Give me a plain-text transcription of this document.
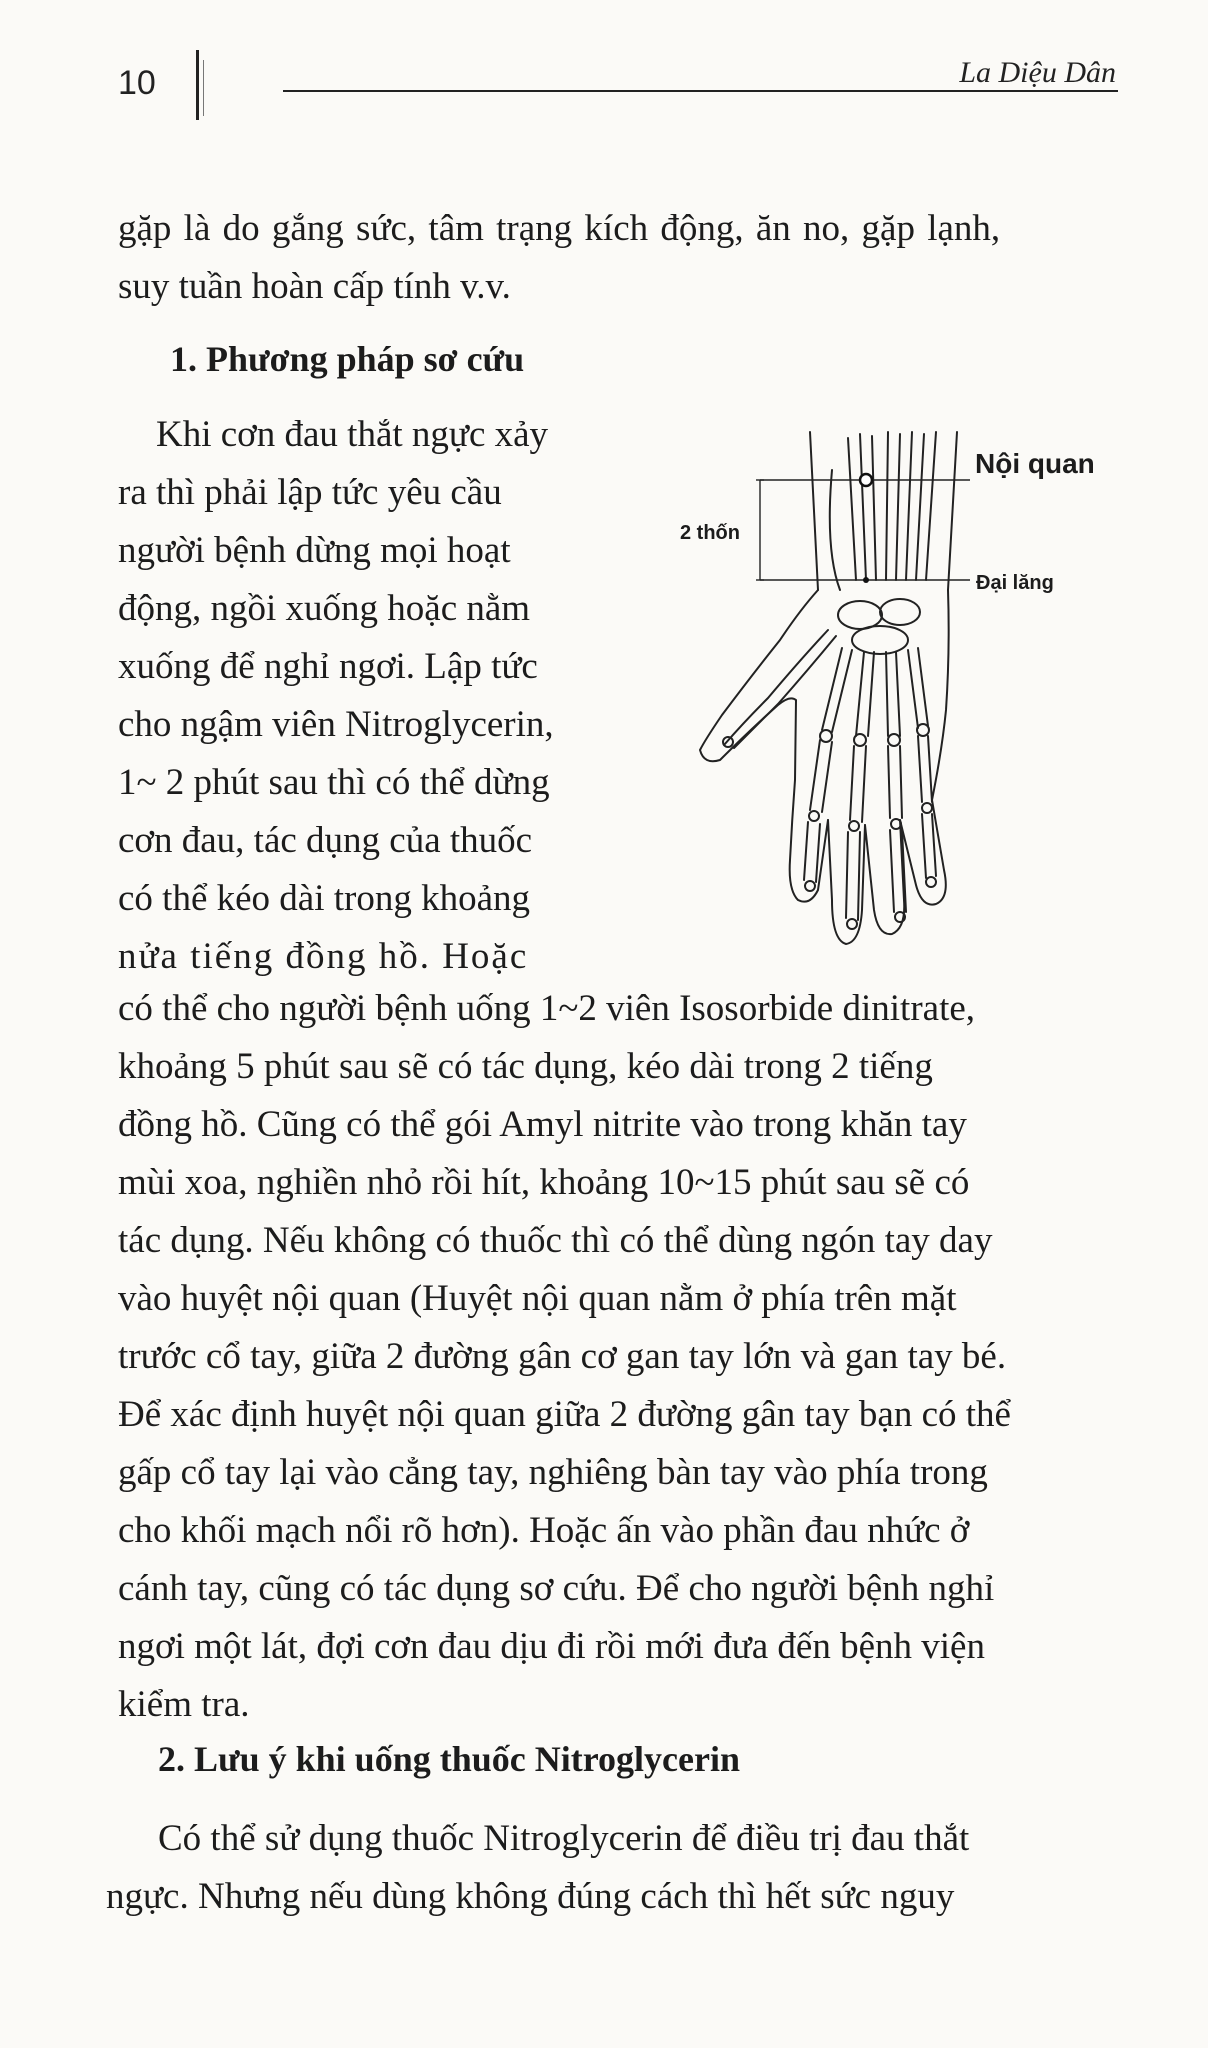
10	La Diệu Dân
gặp là do gắng sức, tâm trạng kích động, ăn no, gặp lạnh,
suy tuần hoàn cấp tính v.v.
1. Phương pháp sơ cứu
Khi cơn đau thắt ngực xảy
ra thì phải lập tức yêu cầu
người bệnh dừng mọi hoạt
động, ngồi xuống hoặc nằm
xuống để nghỉ ngơi. Lập tức
cho ngậm viên Nitroglycerin,
1~ 2 phút sau thì có thể dừng
cơn đau, tác dụng của thuốc
có thể kéo dài trong khoảng
nửa tiếng đồng hồ. Hoặc
Nội quan
Đại lăng
2 thốn
có thể cho người bệnh uống 1~2 viên Isosorbide dinitrate,
khoảng 5 phút sau sẽ có tác dụng, kéo dài trong 2 tiếng
đồng hồ. Cũng có thể gói Amyl nitrite vào trong khăn tay
mùi xoa, nghiền nhỏ rồi hít, khoảng 10~15 phút sau sẽ có
tác dụng. Nếu không có thuốc thì có thể dùng ngón tay day
vào huyệt nội quan (Huyệt nội quan nằm ở phía trên mặt
trước cổ tay, giữa 2 đường gân cơ gan tay lớn và gan tay bé.
Để xác định huyệt nội quan giữa 2 đường gân tay bạn có thể
gấp cổ tay lại vào cẳng tay, nghiêng bàn tay vào phía trong
cho khối mạch nổi rõ hơn). Hoặc ấn vào phần đau nhức ở
cánh tay, cũng có tác dụng sơ cứu. Để cho người bệnh nghỉ
ngơi một lát, đợi cơn đau dịu đi rồi mới đưa đến bệnh viện
kiểm tra.
2. Lưu ý khi uống thuốc Nitroglycerin
Có thể sử dụng thuốc Nitroglycerin để điều trị đau thắt
ngực. Nhưng nếu dùng không đúng cách thì hết sức nguy
